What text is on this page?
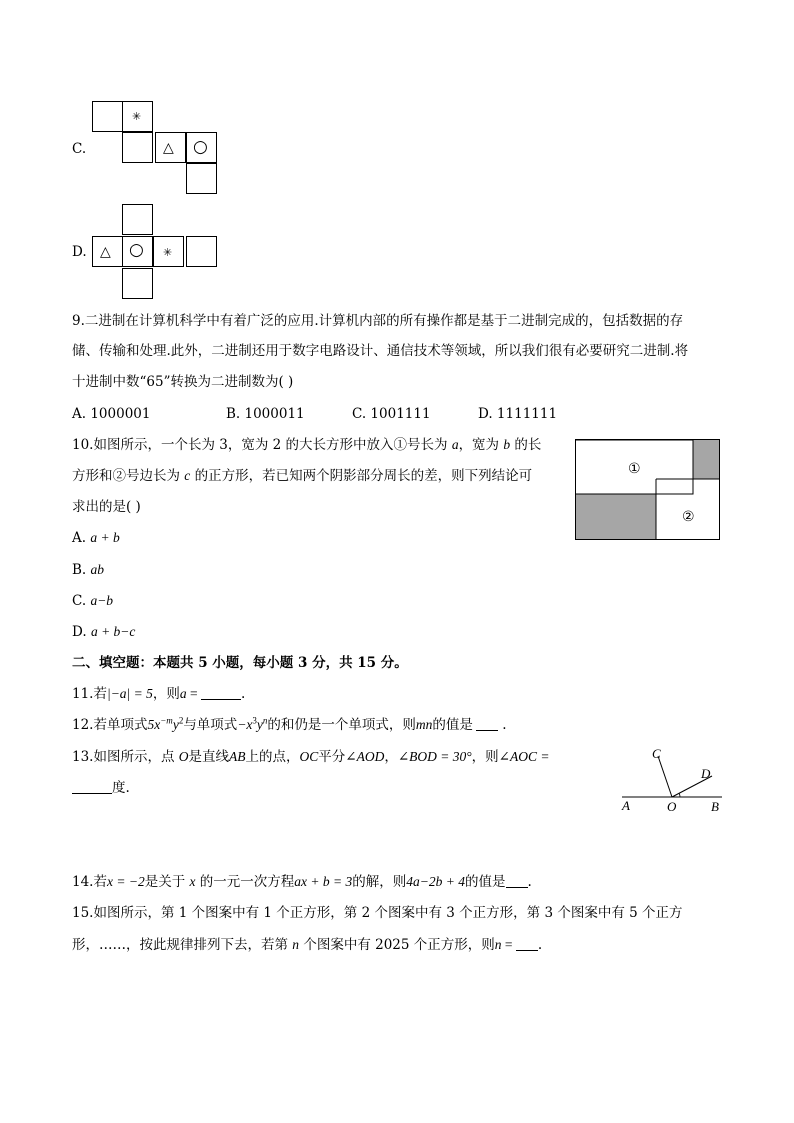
C.
✳
△ ○
D. △ ○ ✳
9.二进制在计算机科学中有着广泛的应用.计算机内部的所有操作都是基于二进制完成的，包括数据的存
储、传输和处理.此外，二进制还用于数字电路设计、通信技术等领域，所以我们很有必要研究二进制.将
十进制中数“65”转换为二进制数为( )
A. 1000001	B. 1000011	C. 1001111	D. 1111111
10.如图所示，一个长为 3，宽为 2 的大长方形中放入①号长为 a，宽为 b 的长
方形和②号边长为 c 的正方形，若已知两个阴影部分周长的差，则下列结论可
求出的是( )
A. a + b
B. ab
C. a−b
D. a + b−c
①
②
二、填空题：本题共 5 小题，每小题 3 分，共 15 分。
11.若|−a| = 5，则a =	.
12.若单项式$5x^{-m}y^2$与单项式$-x^3y^n$的和仍是一个单项式，则mn的值是 .
13.如图所示，点 O是直线AB上的点，OC平分∠AOD，∠BOD = 30°，则∠AOC =
度.
C
D
A	O	B
14.若x = −2是关于 x 的一元一次方程ax + b = 3的解，则4a−2b + 4的值是 .
15.如图所示，第 1 个图案中有 1 个正方形，第 2 个图案中有 3 个正方形，第 3 个图案中有 5 个正方
形，……，按此规律排列下去，若第 n 个图案中有 2025 个正方形，则n = .
